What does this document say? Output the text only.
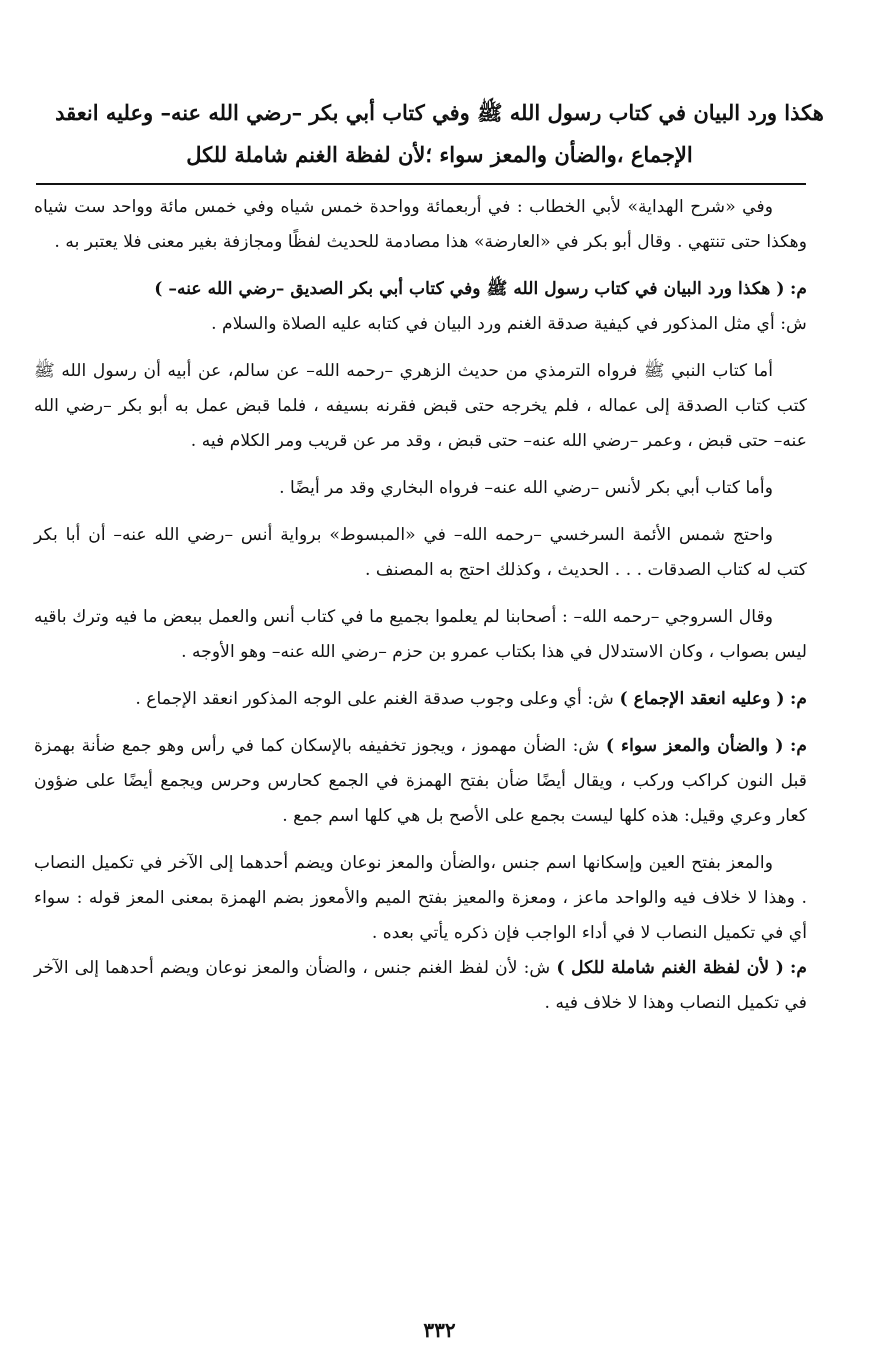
هكذا ورد البيان في كتاب رسول الله ﷺ وفي كتاب أبي بكر –رضي الله عنه– وعليه انعقد
الإجماع ،والضأن والمعز سواء ؛لأن لفظة الغنم شاملة للكل

وفي «شرح الهداية» لأبي الخطاب : في أربعمائة وواحدة خمس شياه وفي خمس مائة وواحد ست شياه وهكذا حتى تنتهي . وقال أبو بكر في «العارضة» هذا مصادمة للحديث لفظًا ومجازفة بغير معنى فلا يعتبر به .

م: ( هكذا ورد البيان في كتاب رسول الله ﷺ وفي كتاب أبي بكر الصديق –رضي الله عنه– )

ش: أي مثل المذكور في كيفية صدقة الغنم ورد البيان في كتابه عليه الصلاة والسلام .

أما كتاب النبي ﷺ فرواه الترمذي من حديث الزهري –رحمه الله– عن سالم، عن أبيه أن رسول الله ﷺ كتب كتاب الصدقة إلى عماله ، فلم يخرجه حتى قبض فقرنه بسيفه ، فلما قبض عمل به أبو بكر –رضي الله عنه– حتى قبض ، وعمر –رضي الله عنه– حتى قبض ، وقد مر عن قريب ومر الكلام فيه .

وأما كتاب أبي بكر لأنس –رضي الله عنه– فرواه البخاري وقد مر أيضًا .

واحتج شمس الأئمة السرخسي –رحمه الله– في «المبسوط» برواية أنس –رضي الله عنه– أن أبا بكر كتب له كتاب الصدقات . . . الحديث ، وكذلك احتج به المصنف .

وقال السروجي –رحمه الله– : أصحابنا لم يعلموا بجميع ما في كتاب أنس والعمل ببعض ما فيه وترك باقيه ليس بصواب ، وكان الاستدلال في هذا بكتاب عمرو بن حزم –رضي الله عنه– وهو الأوجه .

م: ( وعليه انعقد الإجماع ) ش: أي وعلى وجوب صدقة الغنم على الوجه المذكور انعقد الإجماع .

م: ( والضأن والمعز سواء ) ش: الضأن مهموز ، ويجوز تخفيفه بالإسكان كما في رأس وهو جمع ضأنة بهمزة قبل النون كراكب وركب ، ويقال أيضًا ضأن بفتح الهمزة في الجمع كحارس وحرس ويجمع أيضًا على ضؤون كعار وعري وقيل: هذه كلها ليست بجمع على الأصح بل هي كلها اسم جمع .

والمعز بفتح العين وإسكانها اسم جنس ،والضأن والمعز نوعان ويضم أحدهما إلى الآخر في تكميل النصاب . وهذا لا خلاف فيه والواحد ماعز ، ومعزة والمعيز بفتح الميم والأمعوز بضم الهمزة بمعنى المعز قوله : سواء أي في تكميل النصاب لا في أداء الواجب فإن ذكره يأتي بعده .

م: ( لأن لفظة الغنم شاملة للكل ) ش: لأن لفظ الغنم جنس ، والضأن والمعز نوعان ويضم أحدهما إلى الآخر في تكميل النصاب وهذا لا خلاف فيه .

٣٣٢
